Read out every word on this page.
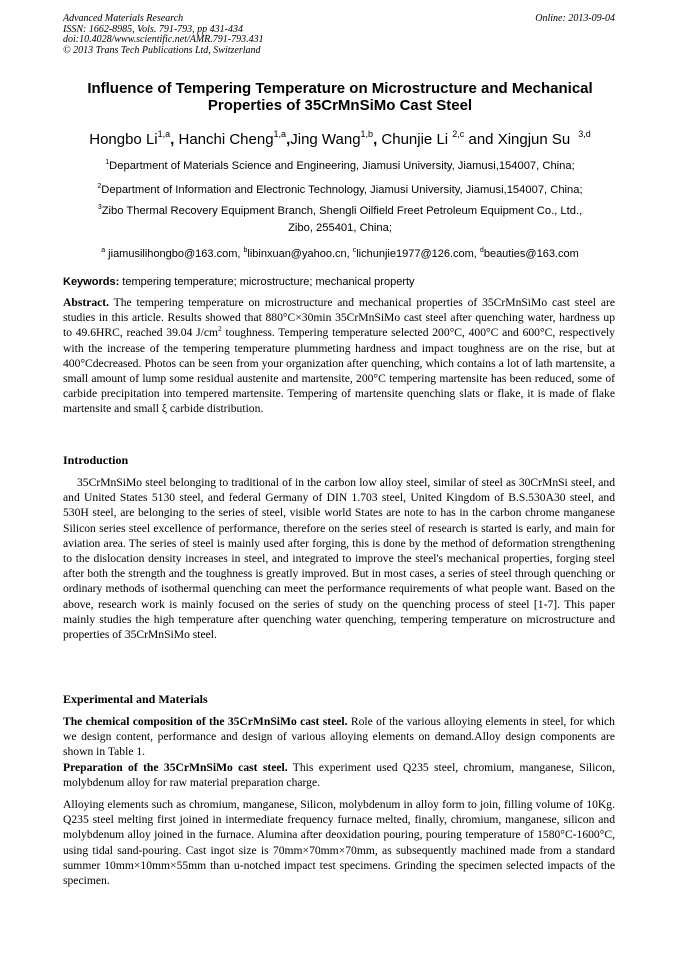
Advanced Materials Research
ISSN: 1662-8985, Vols. 791-793, pp 431-434
doi:10.4028/www.scientific.net/AMR.791-793.431
© 2013 Trans Tech Publications Ltd, Switzerland
Online: 2013-09-04
Influence of Tempering Temperature on Microstructure and Mechanical
Properties of 35CrMnSiMo Cast Steel
Hongbo Li$^{1,a}$, Hanchi Cheng$^{1,a}$,Jing Wang$^{1,b}$, Chunjie Li $^{2,c}$ and Xingjun Su $^{3,d}$
$^1$Department of Materials Science and Engineering, Jiamusi University, Jiamusi,154007, China;
$^2$Department of Information and Electronic Technology, Jiamusi University, Jiamusi,154007, China;
$^3$Zibo Thermal Recovery Equipment Branch, Shengli Oilfield Freet Petroleum Equipment Co., Ltd.,
Zibo, 255401, China;
$^a$ jiamusilihongbo@163.com, $^b$libinxuan@yahoo.cn, $^c$lichunjie1977@126.com, $^d$beauties@163.com
Keywords: tempering temperature; microstructure; mechanical property
Abstract. The tempering temperature on microstructure and mechanical properties of 35CrMnSiMo cast steel are studies in this article. Results showed that 880°C×30min 35CrMnSiMo cast steel after quenching water, hardness up to 49.6HRC, reached 39.04 $J/cm^2$ toughness. Tempering temperature selected 200°C, 400°C and 600°C, respectively with the increase of the tempering temperature plummeting hardness and impact toughness are on the rise, but at 400°Cdecreased. Photos can be seen from your organization after quenching, which contains a lot of lath martensite, a small amount of lump some residual austenite and martensite, 200°C tempering martensite has been reduced, some of carbide precipitation into tempered martensite. Tempering of martensite quenching slats or flake, it is made of flake martensite and small ξ carbide distribution.
Introduction
35CrMnSiMo steel belonging to traditional of in the carbon low alloy steel, similar of steel as 30CrMnSi steel, and and United States 5130 steel, and federal Germany of DIN 1.703 steel, United Kingdom of B.S.530A30 steel, and 530H steel, are belonging to the series of steel, visible world States are note to has in the carbon chrome manganese Silicon series steel excellence of performance, therefore on the series steel of research is started is early, and main for aviation area. The series of steel is mainly used after forging, this is done by the method of deformation strengthening to the dislocation density increases in steel, and integrated to improve the steel's mechanical properties, forging steel after both the strength and the toughness is greatly improved. But in most cases, a series of steel through quenching or ordinary methods of isothermal quenching can meet the performance requirements of what people want. Based on the above, research work is mainly focused on the series of study on the quenching process of steel [1-7]. This paper mainly studies the high temperature after quenching water quenching, tempering temperature on microstructure and properties of 35CrMnSiMo steel.
Experimental and Materials
The chemical composition of the 35CrMnSiMo cast steel. Role of the various alloying elements in steel, for which we design content, performance and design of various alloying elements on demand.Alloy design components are shown in Table 1.
Preparation of the 35CrMnSiMo cast steel. This experiment used Q235 steel, chromium, manganese, Silicon, molybdenum alloy for raw material preparation charge.
Alloying elements such as chromium, manganese, Silicon, molybdenum in alloy form to join, filling volume of 10Kg. Q235 steel melting first joined in intermediate frequency furnace melted, finally, chromium, manganese, silicon and molybdenum alloy joined in the furnace. Alumina after deoxidation pouring, pouring temperature of 1580°C-1600°C, using tidal sand-pouring. Cast ingot size is 70mm×70mm×70mm, as subsequently machined made from a standard summer 10mm×10mm×55mm than u-notched impact test specimens. Grinding the specimen selected impacts of the specimen.
